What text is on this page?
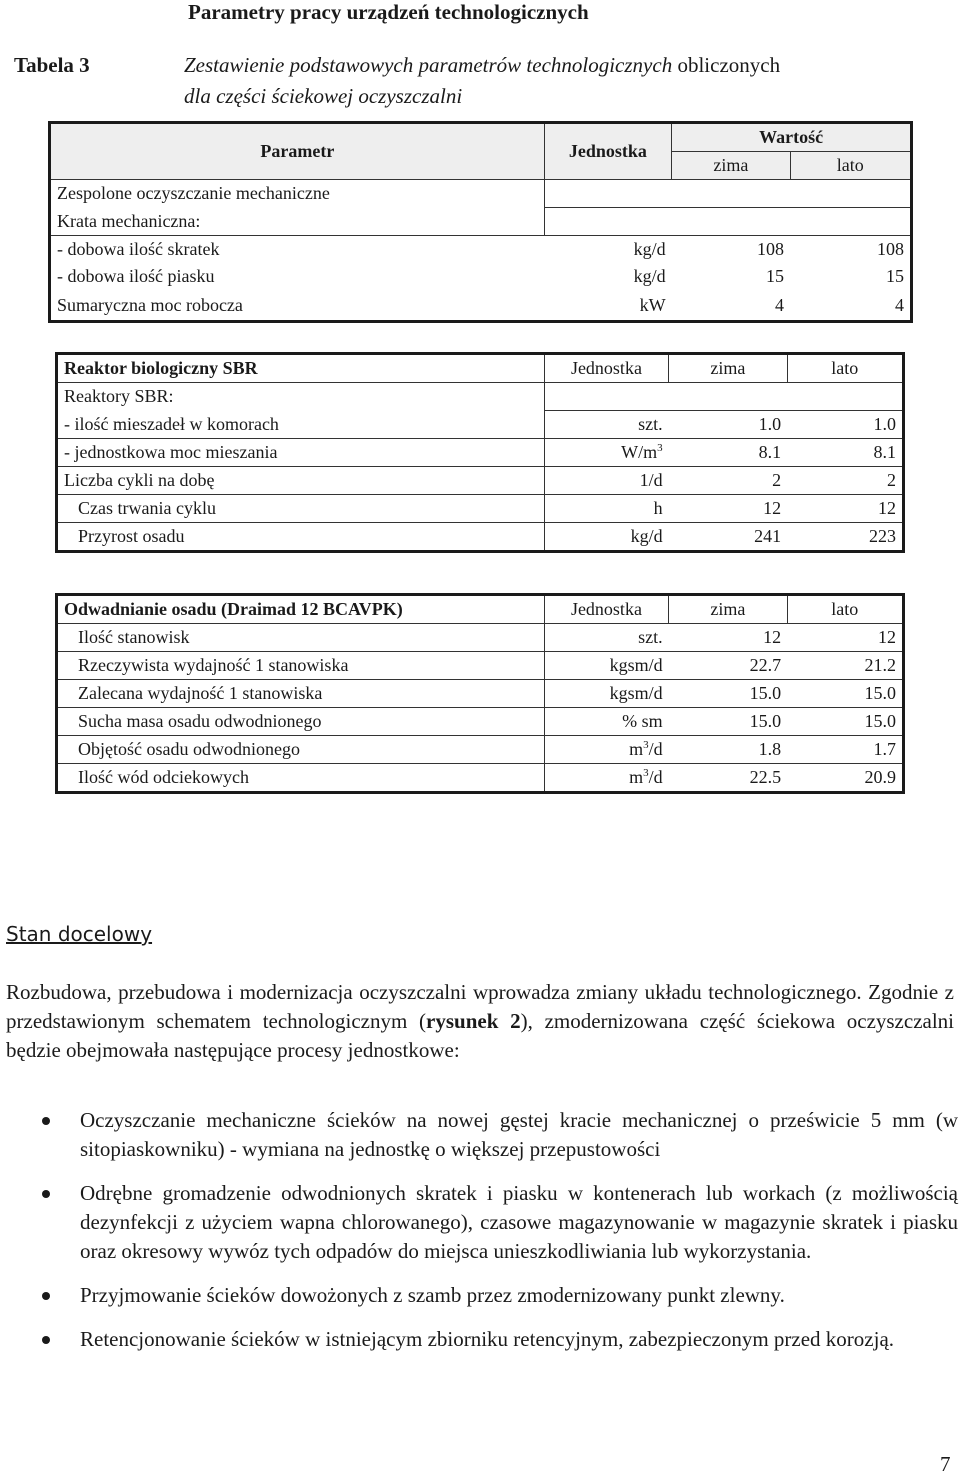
Parametry pracy urządzeń technologicznych
Tabela 3	Zestawienie podstawowych parametrów technologicznych obliczonych
dla części ściekowej oczyszczalni
Parametr	Jednostka	Wartość	
		zima	lato
Zespolone oczyszczanie mechaniczne			
Krata mechaniczna:			
- dobowa ilość skratek	kg/d	108	108
- dobowa ilość piasku	kg/d	15	15
Sumaryczna moc robocza	kW	4	4
Reaktor biologiczny SBR	Jednostka	zima	lato
Reaktory SBR:			
- ilość mieszadeł w komorach	szt.	1.0	1.0
- jednostkowa moc mieszania	$W/m^3$	8.1	8.1
Liczba cykli na dobę	1/d	2	2
Czas trwania cyklu	h	12	12
Przyrost osadu	kg/d	241	223
Odwadnianie osadu (Draimad 12 BCAVPK)	Jednostka	zima	lato
Ilość stanowisk	szt.	12	12
Rzeczywista wydajność 1 stanowiska	kgsm/d	22.7	21.2
Zalecana wydajność 1 stanowiska	kgsm/d	15.0	15.0
Sucha masa osadu odwodnionego	% sm	15.0	15.0
Objętość osadu odwodnionego	$m^3/d$	1.8	1.7
Ilość wód odciekowych	$m^3/d$	22.5	20.9
Stan docelowy
Rozbudowa, przebudowa i modernizacja oczyszczalni wprowadza zmiany układu technologicznego. Zgodnie z przedstawionym schematem technologicznym (rysunek 2), zmodernizowana część ściekowa oczyszczalni będzie obejmowała następujące procesy jednostkowe:
Oczyszczanie mechaniczne ścieków na nowej gęstej kracie mechanicznej o prześwicie 5 mm (w sitopiaskowniku) - wymiana na jednostkę o większej przepustowości
Odrębne gromadzenie odwodnionych skratek i piasku w kontenerach lub workach (z możliwością dezynfekcji z użyciem wapna chlorowanego), czasowe magazynowanie w magazynie skratek i piasku oraz okresowy wywóz tych odpadów do miejsca unieszkodliwiania lub wykorzystania.
Przyjmowanie ścieków dowożonych z szamb przez zmodernizowany punkt zlewny.
Retencjonowanie ścieków w istniejącym zbiorniku retencyjnym, zabezpieczonym przed korozją.
7
